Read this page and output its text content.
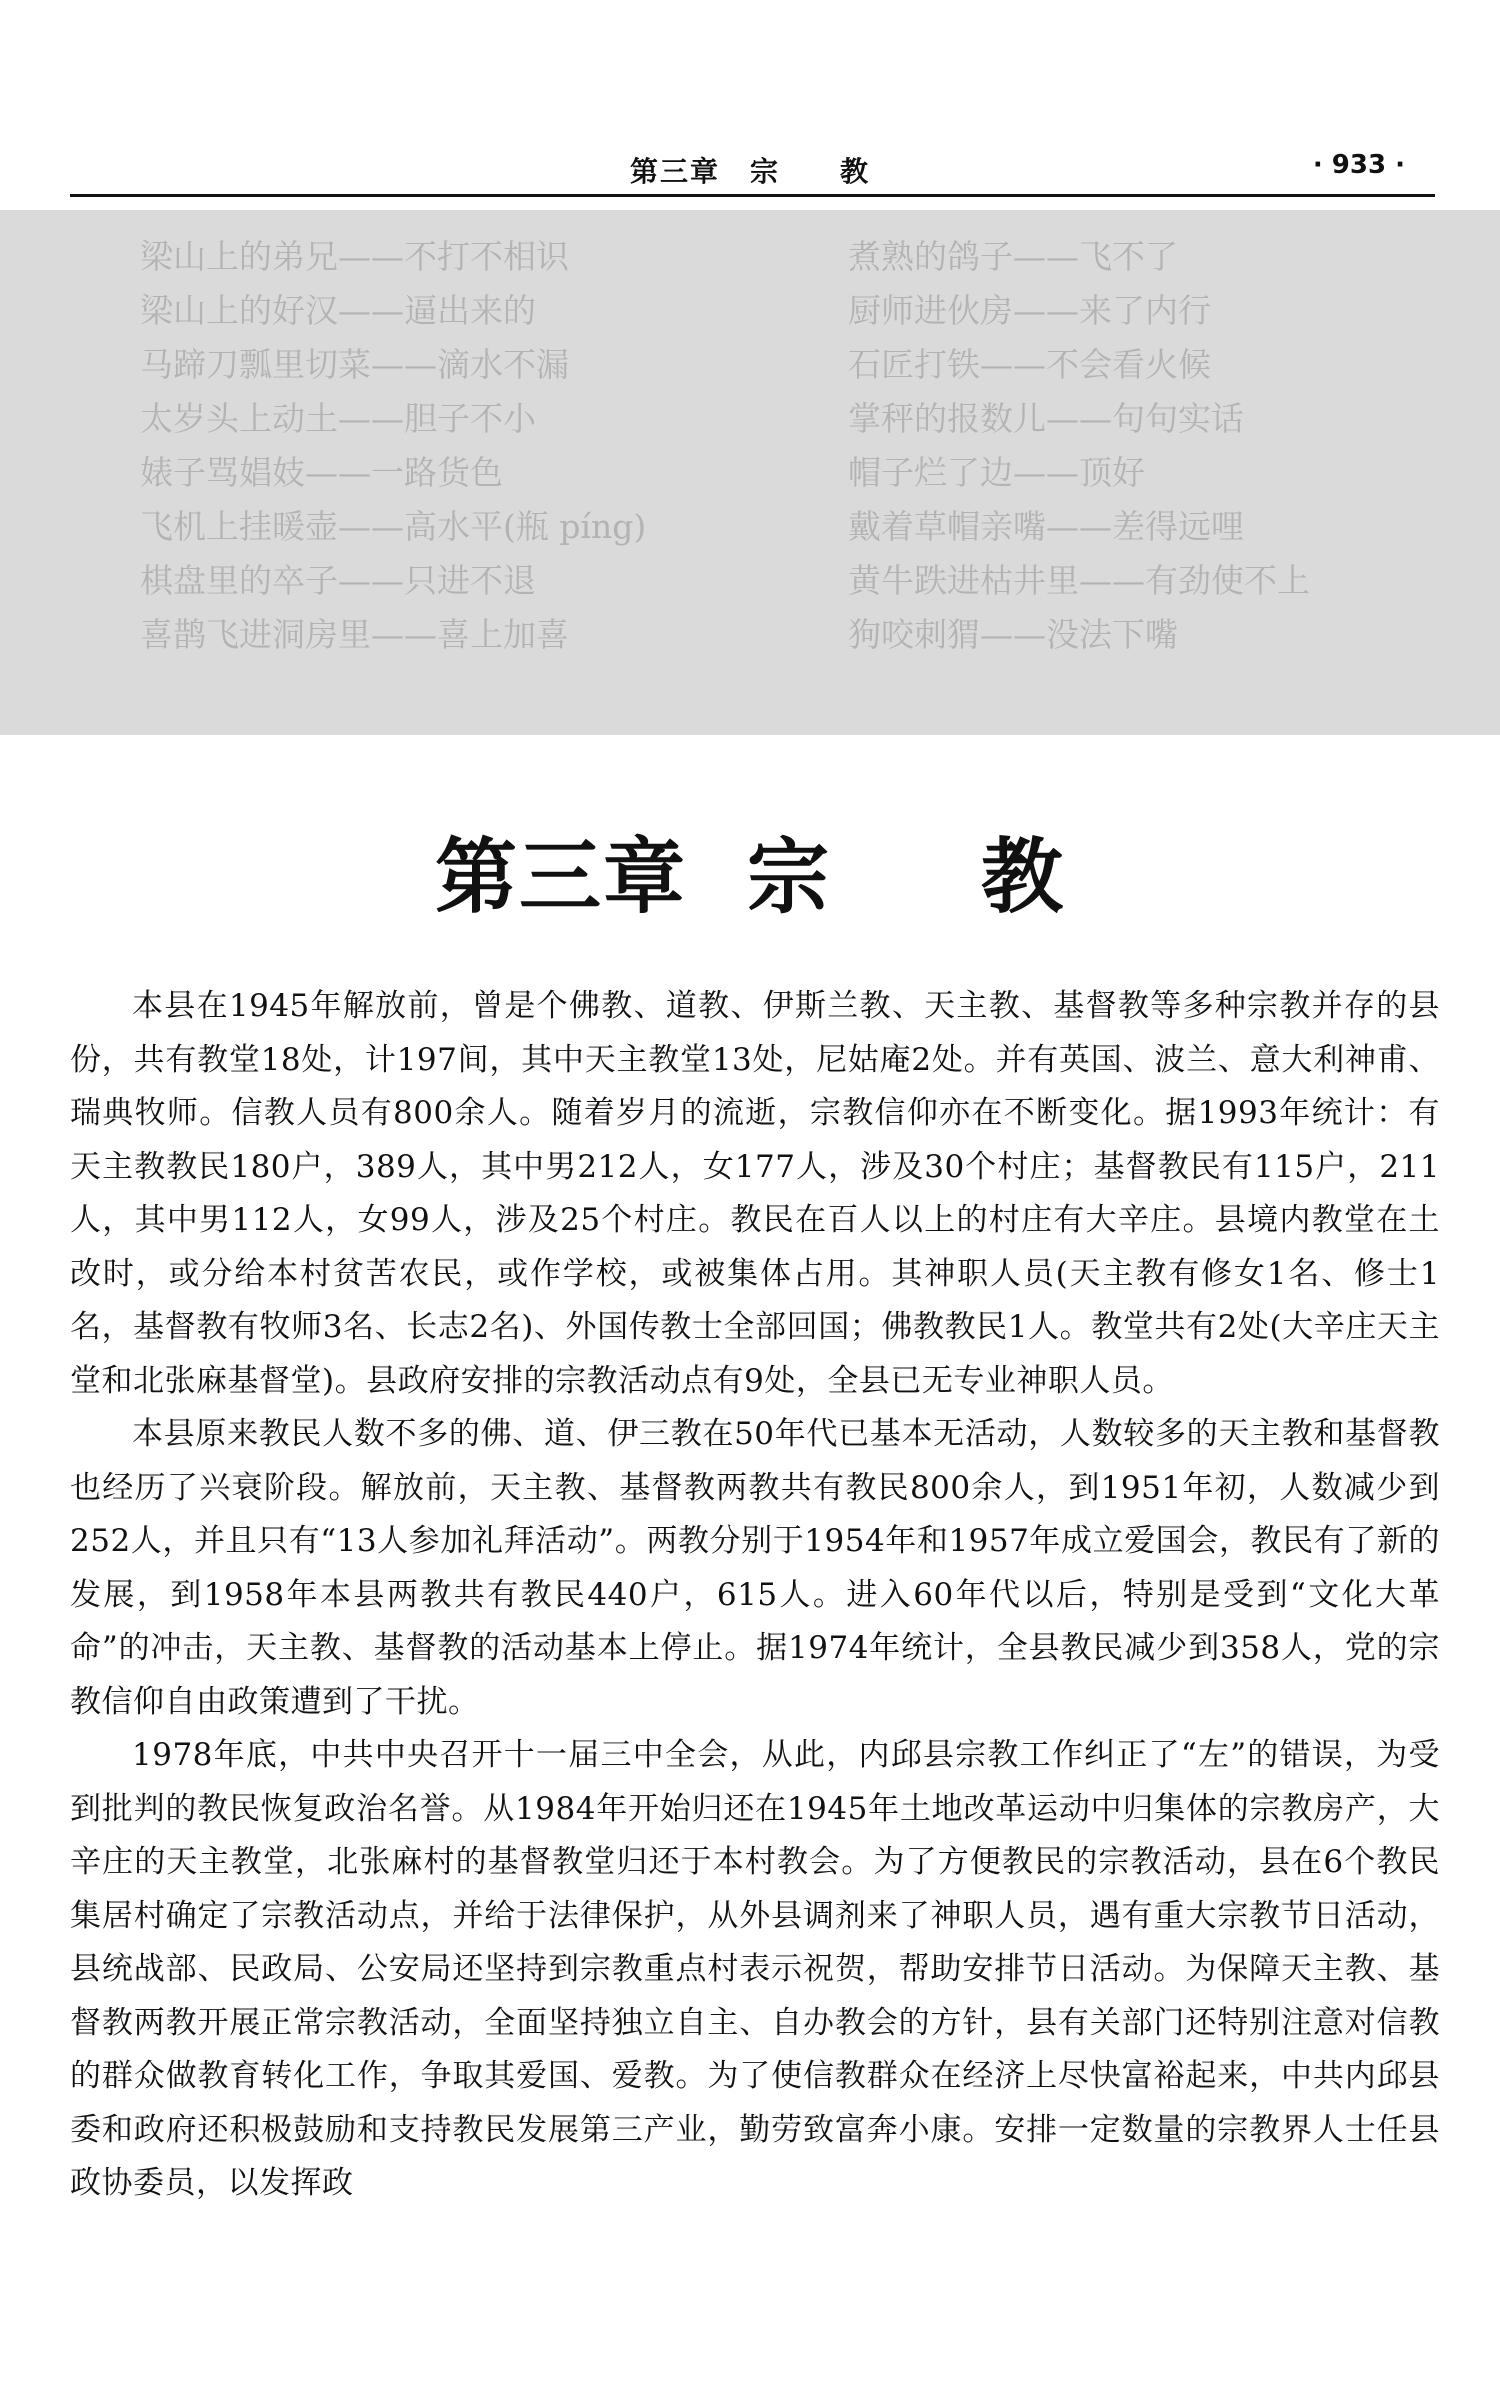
第三章　宗　　教	· 933 ·
梁山上的弟兄——不打不相识
梁山上的好汉——逼出来的
马蹄刀瓢里切菜——滴水不漏
太岁头上动土——胆子不小
婊子骂娼妓——一路货色
飞机上挂暖壶——高水平(瓶 píng)
棋盘里的卒子——只进不退
喜鹊飞进洞房里——喜上加喜
煮熟的鸽子——飞不了
厨师进伙房——来了内行
石匠打铁——不会看火候
掌秤的报数儿——句句实话
帽子烂了边——顶好
戴着草帽亲嘴——差得远哩
黄牛跌进枯井里——有劲使不上
狗咬刺猬——没法下嘴
第三章 宗 教

本县在1945年解放前，曾是个佛教、道教、伊斯兰教、天主教、基督教等多种宗教并存的县份，共有教堂18处，计197间，其中天主教堂13处，尼姑庵2处。并有英国、波兰、意大利神甫、瑞典牧师。信教人员有800余人。随着岁月的流逝，宗教信仰亦在不断变化。据1993年统计：有天主教教民180户，389人，其中男212人，女177人，涉及30个村庄；基督教民有115户，211人，其中男112人，女99人，涉及25个村庄。教民在百人以上的村庄有大辛庄。县境内教堂在土改时，或分给本村贫苦农民，或作学校，或被集体占用。其神职人员(天主教有修女1名、修士1名，基督教有牧师3名、长志2名)、外国传教士全部回国；佛教教民1人。教堂共有2处(大辛庄天主堂和北张麻基督堂)。县政府安排的宗教活动点有9处，全县已无专业神职人员。

本县原来教民人数不多的佛、道、伊三教在50年代已基本无活动，人数较多的天主教和基督教也经历了兴衰阶段。解放前，天主教、基督教两教共有教民800余人，到1951年初，人数减少到252人，并且只有“13人参加礼拜活动”。两教分别于1954年和1957年成立爱国会，教民有了新的发展，到1958年本县两教共有教民440户，615人。进入60年代以后，特别是受到“文化大革命”的冲击，天主教、基督教的活动基本上停止。据1974年统计，全县教民减少到358人，党的宗教信仰自由政策遭到了干扰。

1978年底，中共中央召开十一届三中全会，从此，内邱县宗教工作纠正了“左”的错误，为受到批判的教民恢复政治名誉。从1984年开始归还在1945年土地改革运动中归集体的宗教房产，大辛庄的天主教堂，北张麻村的基督教堂归还于本村教会。为了方便教民的宗教活动，县在6个教民集居村确定了宗教活动点，并给于法律保护，从外县调剂来了神职人员，遇有重大宗教节日活动，县统战部、民政局、公安局还坚持到宗教重点村表示祝贺，帮助安排节日活动。为保障天主教、基督教两教开展正常宗教活动，全面坚持独立自主、自办教会的方针，县有关部门还特别注意对信教的群众做教育转化工作，争取其爱国、爱教。为了使信教群众在经济上尽快富裕起来，中共内邱县委和政府还积极鼓励和支持教民发展第三产业，勤劳致富奔小康。安排一定数量的宗教界人士任县政协委员，以发挥政
